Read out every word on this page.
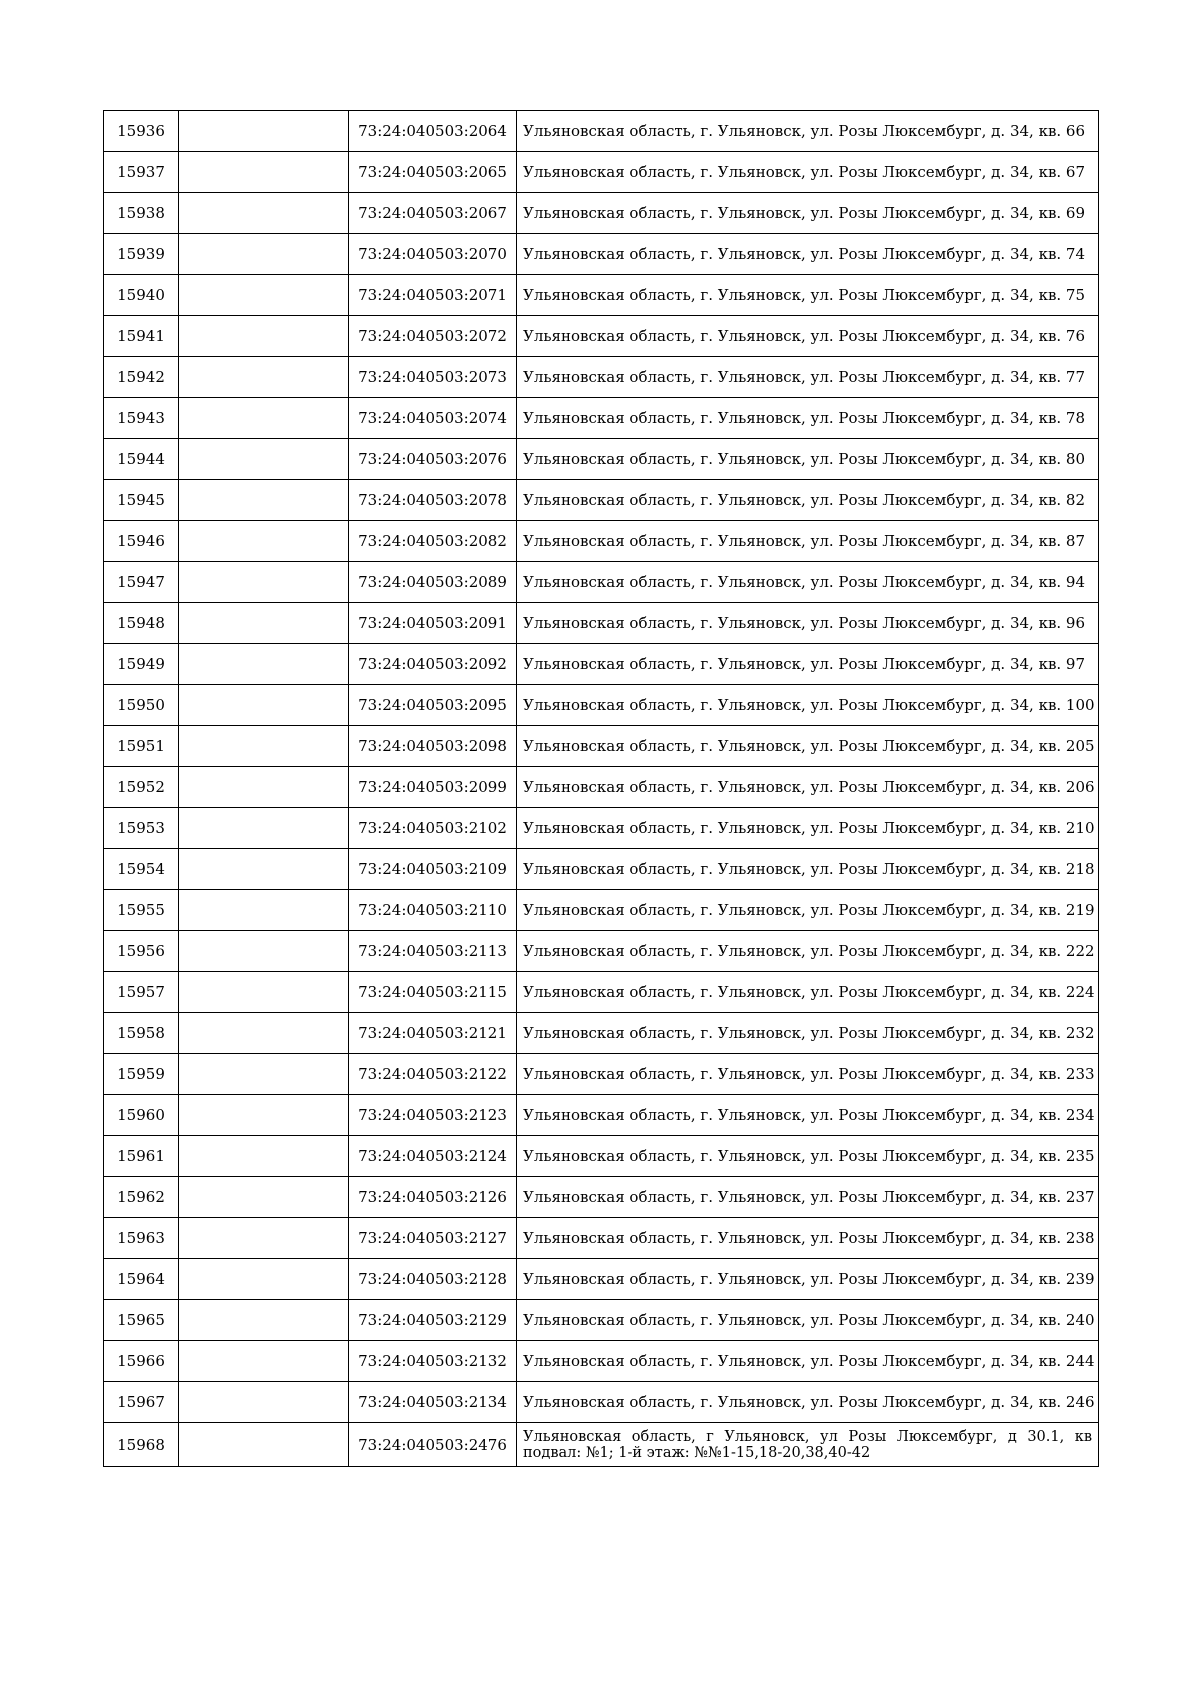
15936		73:24:040503:2064	Ульяновская область, г. Ульяновск, ул. Розы Люксембург, д. 34, кв. 66
15937		73:24:040503:2065	Ульяновская область, г. Ульяновск, ул. Розы Люксембург, д. 34, кв. 67
15938		73:24:040503:2067	Ульяновская область, г. Ульяновск, ул. Розы Люксембург, д. 34, кв. 69
15939		73:24:040503:2070	Ульяновская область, г. Ульяновск, ул. Розы Люксембург, д. 34, кв. 74
15940		73:24:040503:2071	Ульяновская область, г. Ульяновск, ул. Розы Люксембург, д. 34, кв. 75
15941		73:24:040503:2072	Ульяновская область, г. Ульяновск, ул. Розы Люксембург, д. 34, кв. 76
15942		73:24:040503:2073	Ульяновская область, г. Ульяновск, ул. Розы Люксембург, д. 34, кв. 77
15943		73:24:040503:2074	Ульяновская область, г. Ульяновск, ул. Розы Люксембург, д. 34, кв. 78
15944		73:24:040503:2076	Ульяновская область, г. Ульяновск, ул. Розы Люксембург, д. 34, кв. 80
15945		73:24:040503:2078	Ульяновская область, г. Ульяновск, ул. Розы Люксембург, д. 34, кв. 82
15946		73:24:040503:2082	Ульяновская область, г. Ульяновск, ул. Розы Люксембург, д. 34, кв. 87
15947		73:24:040503:2089	Ульяновская область, г. Ульяновск, ул. Розы Люксембург, д. 34, кв. 94
15948		73:24:040503:2091	Ульяновская область, г. Ульяновск, ул. Розы Люксембург, д. 34, кв. 96
15949		73:24:040503:2092	Ульяновская область, г. Ульяновск, ул. Розы Люксембург, д. 34, кв. 97
15950		73:24:040503:2095	Ульяновская область, г. Ульяновск, ул. Розы Люксембург, д. 34, кв. 100
15951		73:24:040503:2098	Ульяновская область, г. Ульяновск, ул. Розы Люксембург, д. 34, кв. 205
15952		73:24:040503:2099	Ульяновская область, г. Ульяновск, ул. Розы Люксембург, д. 34, кв. 206
15953		73:24:040503:2102	Ульяновская область, г. Ульяновск, ул. Розы Люксембург, д. 34, кв. 210
15954		73:24:040503:2109	Ульяновская область, г. Ульяновск, ул. Розы Люксембург, д. 34, кв. 218
15955		73:24:040503:2110	Ульяновская область, г. Ульяновск, ул. Розы Люксембург, д. 34, кв. 219
15956		73:24:040503:2113	Ульяновская область, г. Ульяновск, ул. Розы Люксембург, д. 34, кв. 222
15957		73:24:040503:2115	Ульяновская область, г. Ульяновск, ул. Розы Люксембург, д. 34, кв. 224
15958		73:24:040503:2121	Ульяновская область, г. Ульяновск, ул. Розы Люксембург, д. 34, кв. 232
15959		73:24:040503:2122	Ульяновская область, г. Ульяновск, ул. Розы Люксембург, д. 34, кв. 233
15960		73:24:040503:2123	Ульяновская область, г. Ульяновск, ул. Розы Люксембург, д. 34, кв. 234
15961		73:24:040503:2124	Ульяновская область, г. Ульяновск, ул. Розы Люксембург, д. 34, кв. 235
15962		73:24:040503:2126	Ульяновская область, г. Ульяновск, ул. Розы Люксембург, д. 34, кв. 237
15963		73:24:040503:2127	Ульяновская область, г. Ульяновск, ул. Розы Люксембург, д. 34, кв. 238
15964		73:24:040503:2128	Ульяновская область, г. Ульяновск, ул. Розы Люксембург, д. 34, кв. 239
15965		73:24:040503:2129	Ульяновская область, г. Ульяновск, ул. Розы Люксембург, д. 34, кв. 240
15966		73:24:040503:2132	Ульяновская область, г. Ульяновск, ул. Розы Люксембург, д. 34, кв. 244
15967		73:24:040503:2134	Ульяновская область, г. Ульяновск, ул. Розы Люксембург, д. 34, кв. 246
15968		73:24:040503:2476	Ульяновская область, г Ульяновск, ул Розы Люксембург, д 30.1, кв подвал: №1; 1-й этаж: №№1-15,18-20,38,40-42
